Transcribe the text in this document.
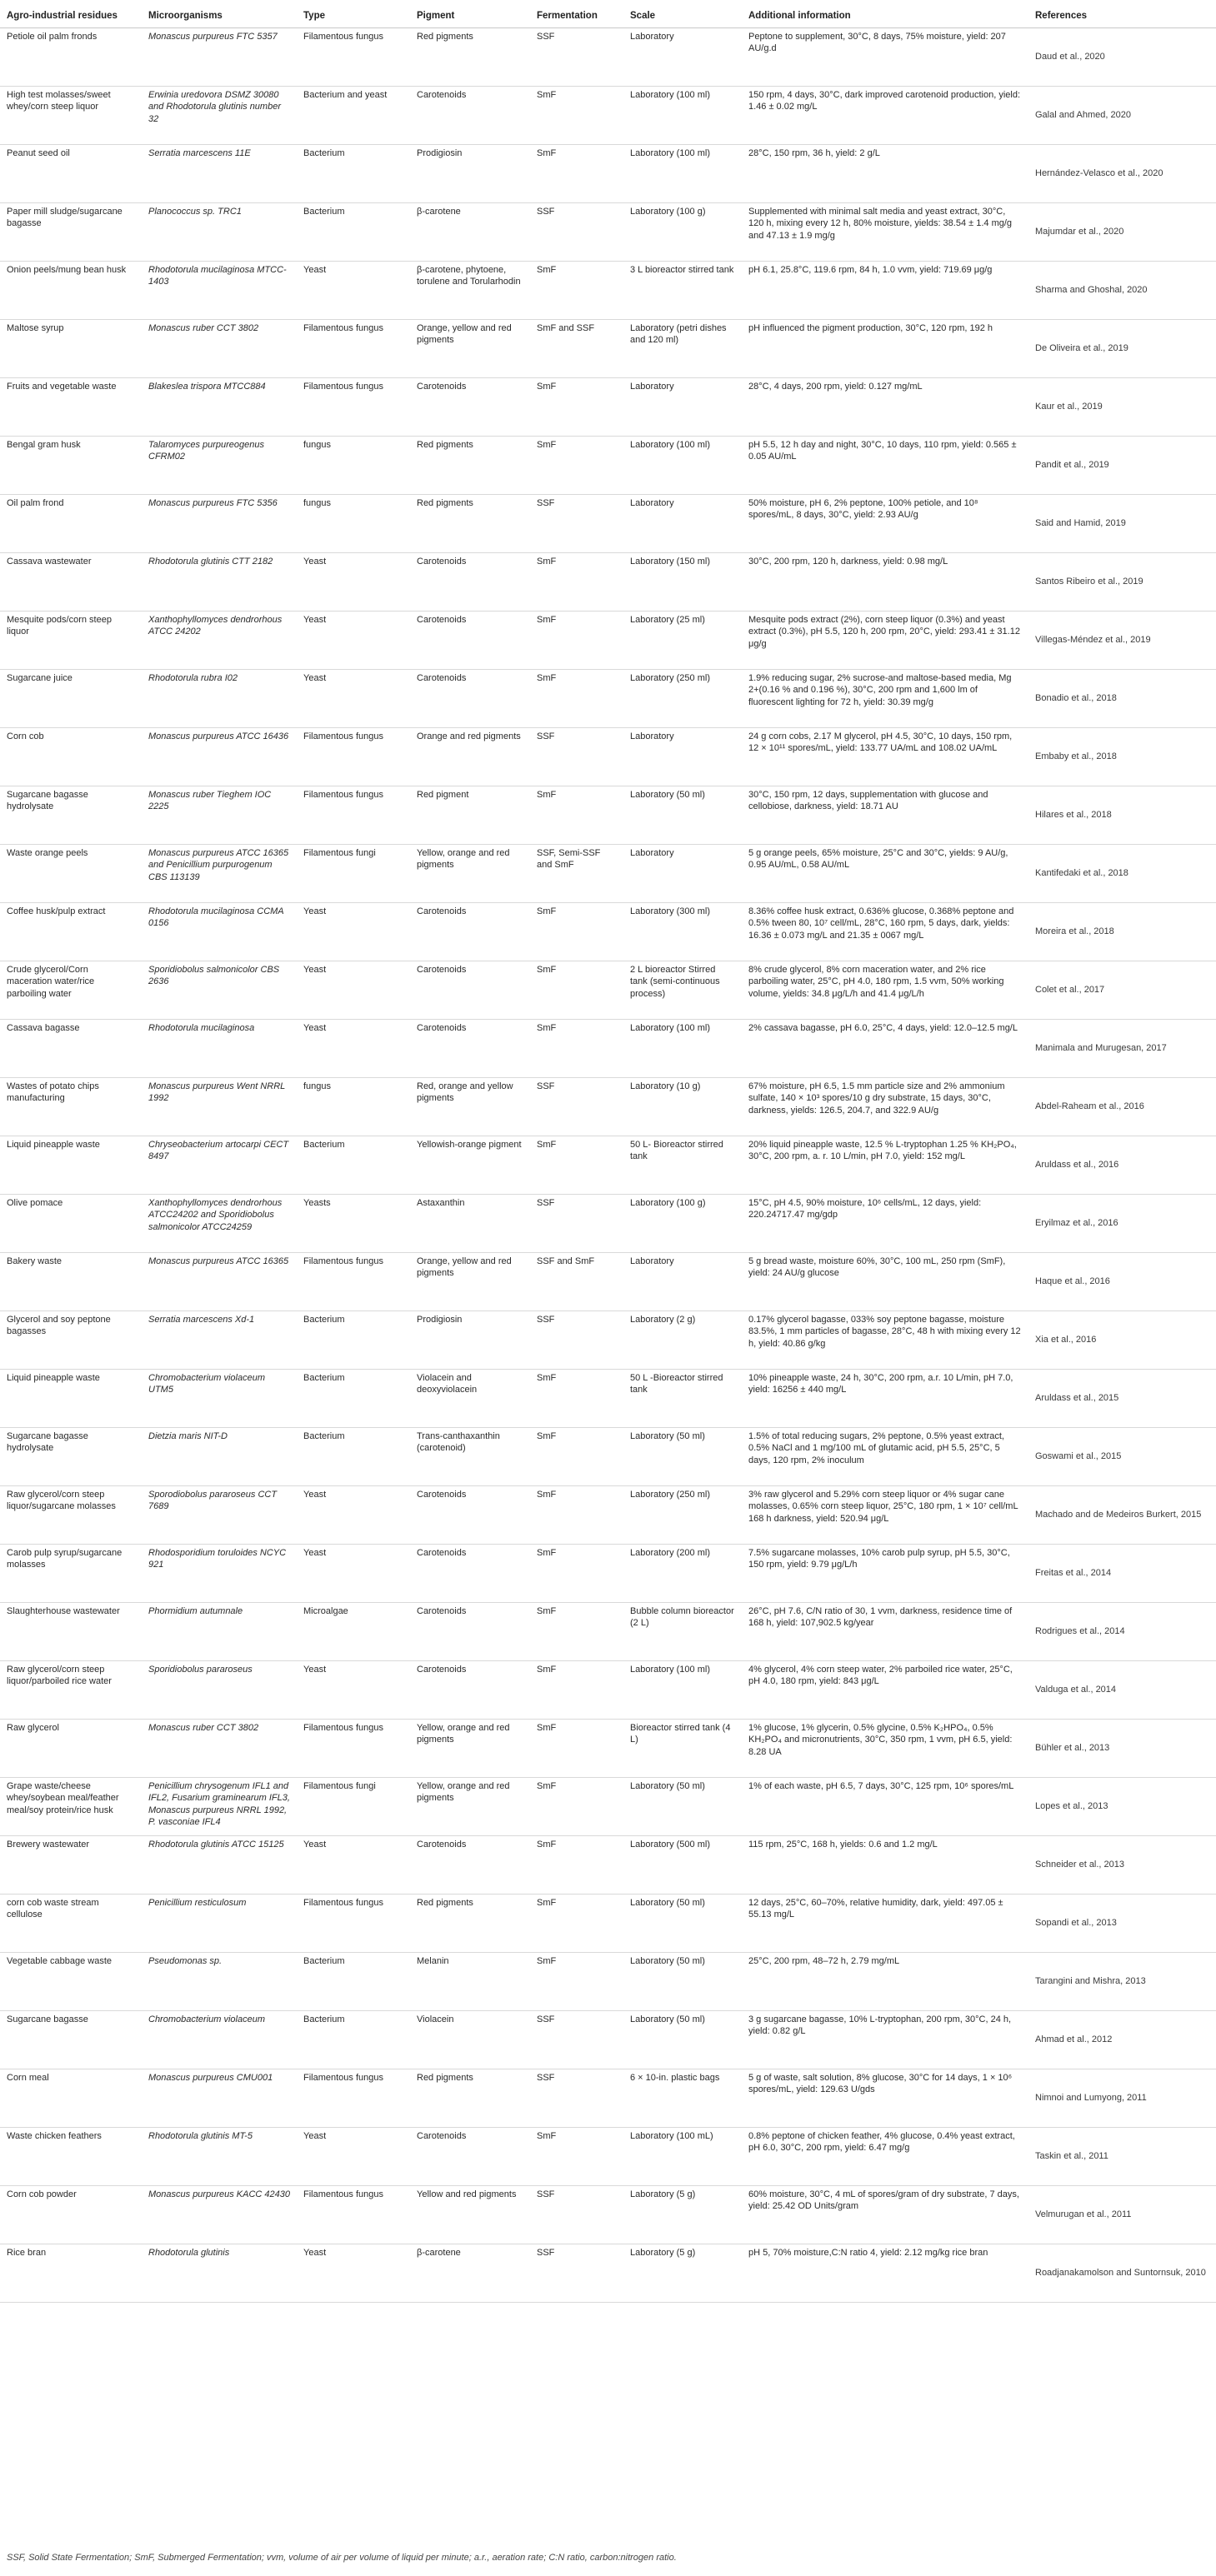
Agro-industrial residues	Microorganisms	Type	Pigment	Fermentation	Scale	Additional information	References
Petiole oil palm fronds	Monascus purpureus FTC 5357	Filamentous fungus	Red pigments	SSF	Laboratory	Peptone to supplement, 30°C, 8 days, 75% moisture, yield: 207 AU/g.d	Daud et al., 2020
High test molasses/sweet whey/corn steep liquor	Erwinia uredovora DSMZ 30080 and Rhodotorula glutinis number 32	Bacterium and yeast	Carotenoids	SmF	Laboratory (100 ml)	150 rpm, 4 days, 30°C, dark improved carotenoid production, yield: 1.46 ± 0.02 mg/L	Galal and Ahmed, 2020
Peanut seed oil	Serratia marcescens 11E	Bacterium	Prodigiosin	SmF	Laboratory (100 ml)	28°C, 150 rpm, 36 h, yield: 2 g/L	Hernández-Velasco et al., 2020
Paper mill sludge/sugarcane bagasse	Planococcus sp. TRC1	Bacterium	β-carotene	SSF	Laboratory (100 g)	Supplemented with minimal salt media and yeast extract, 30°C, 120 h, mixing every 12 h, 80% moisture, yields: 38.54 ± 1.4 mg/g and 47.13 ± 1.9 mg/g	Majumdar et al., 2020
Onion peels/mung bean husk	Rhodotorula mucilaginosa MTCC-1403	Yeast	β-carotene, phytoene, torulene and Torularhodin	SmF	3 L bioreactor stirred tank	pH 6.1, 25.8°C, 119.6 rpm, 84 h, 1.0 vvm, yield: 719.69 μg/g	Sharma and Ghoshal, 2020
Maltose syrup	Monascus ruber CCT 3802	Filamentous fungus	Orange, yellow and red pigments	SmF and SSF	Laboratory (petri dishes and 120 ml)	pH influenced the pigment production, 30°C, 120 rpm, 192 h	De Oliveira et al., 2019
Fruits and vegetable waste	Blakeslea trispora MTCC884	Filamentous fungus	Carotenoids	SmF	Laboratory	28°C, 4 days, 200 rpm, yield: 0.127 mg/mL	Kaur et al., 2019
Bengal gram husk	Talaromyces purpureogenus CFRM02	fungus	Red pigments	SmF	Laboratory (100 ml)	pH 5.5, 12 h day and night, 30°C, 10 days, 110 rpm, yield: 0.565 ± 0.05 AU/mL	Pandit et al., 2019
Oil palm frond	Monascus purpureus FTC 5356	fungus	Red pigments	SSF	Laboratory	50% moisture, pH 6, 2% peptone, 100% petiole, and 10⁸ spores/mL, 8 days, 30°C, yield: 2.93 AU/g	Said and Hamid, 2019
Cassava wastewater	Rhodotorula glutinis CTT 2182	Yeast	Carotenoids	SmF	Laboratory (150 ml)	30°C, 200 rpm, 120 h, darkness, yield: 0.98 mg/L	Santos Ribeiro et al., 2019
Mesquite pods/corn steep liquor	Xanthophyllomyces dendrorhous ATCC 24202	Yeast	Carotenoids	SmF	Laboratory (25 ml)	Mesquite pods extract (2%), corn steep liquor (0.3%) and yeast extract (0.3%), pH 5.5, 120 h, 200 rpm, 20°C, yield: 293.41 ± 31.12 μg/g	Villegas-Méndez et al., 2019
Sugarcane juice	Rhodotorula rubra I02	Yeast	Carotenoids	SmF	Laboratory (250 ml)	1.9% reducing sugar, 2% sucrose-and maltose-based media, Mg 2+(0.16 % and 0.196 %), 30°C, 200 rpm and 1,600 lm of fluorescent lighting for 72 h, yield: 30.39 mg/g	Bonadio et al., 2018
Corn cob	Monascus purpureus ATCC 16436	Filamentous fungus	Orange and red pigments	SSF	Laboratory	24 g corn cobs, 2.17 M glycerol, pH 4.5, 30°C, 10 days, 150 rpm, 12 × 10¹¹ spores/mL, yield: 133.77 UA/mL and 108.02 UA/mL	Embaby et al., 2018
Sugarcane bagasse hydrolysate	Monascus ruber Tieghem IOC 2225	Filamentous fungus	Red pigment	SmF	Laboratory (50 ml)	30°C, 150 rpm, 12 days, supplementation with glucose and cellobiose, darkness, yield: 18.71 AU	Hilares et al., 2018
Waste orange peels	Monascus purpureus ATCC 16365 and Penicillium purpurogenum CBS 113139	Filamentous fungi	Yellow, orange and red pigments	SSF, Semi-SSF and SmF	Laboratory	5 g orange peels, 65% moisture, 25°C and 30°C, yields: 9 AU/g, 0.95 AU/mL, 0.58 AU/mL	Kantifedaki et al., 2018
Coffee husk/pulp extract	Rhodotorula mucilaginosa CCMA 0156	Yeast	Carotenoids	SmF	Laboratory (300 ml)	8.36% coffee husk extract, 0.636% glucose, 0.368% peptone and 0.5% tween 80, 10⁷ cell/mL, 28°C, 160 rpm, 5 days, dark, yields: 16.36 ± 0.073 mg/L and 21.35 ± 0067 mg/L	Moreira et al., 2018
Crude glycerol/Corn maceration water/rice parboiling water	Sporidiobolus salmonicolor CBS 2636	Yeast	Carotenoids	SmF	2 L bioreactor Stirred tank (semi-continuous process)	8% crude glycerol, 8% corn maceration water, and 2% rice parboiling water, 25°C, pH 4.0, 180 rpm, 1.5 vvm, 50% working volume, yields: 34.8 μg/L/h and 41.4 μg/L/h	Colet et al., 2017
Cassava bagasse	Rhodotorula mucilaginosa	Yeast	Carotenoids	SmF	Laboratory (100 ml)	2% cassava bagasse, pH 6.0, 25°C, 4 days, yield: 12.0–12.5 mg/L	Manimala and Murugesan, 2017
Wastes of potato chips manufacturing	Monascus purpureus Went NRRL 1992	fungus	Red, orange and yellow pigments	SSF	Laboratory (10 g)	67% moisture, pH 6.5, 1.5 mm particle size and 2% ammonium sulfate, 140 × 10³ spores/10 g dry substrate, 15 days, 30°C, darkness, yields: 126.5, 204.7, and 322.9 AU/g	Abdel-Raheam et al., 2016
Liquid pineapple waste	Chryseobacterium artocarpi CECT 8497	Bacterium	Yellowish-orange pigment	SmF	50 L- Bioreactor stirred tank	20% liquid pineapple waste, 12.5 % L-tryptophan 1.25 % KH₂PO₄, 30°C, 200 rpm, a. r. 10 L/min, pH 7.0, yield: 152 mg/L	Aruldass et al., 2016
Olive pomace	Xanthophyllomyces dendrorhous ATCC24202 and Sporidiobolus salmonicolor ATCC24259	Yeasts	Astaxanthin	SSF	Laboratory (100 g)	15°C, pH 4.5, 90% moisture, 10⁶ cells/mL, 12 days, yield: 220.24717.47 mg/gdp	Eryilmaz et al., 2016
Bakery waste	Monascus purpureus ATCC 16365	Filamentous fungus	Orange, yellow and red pigments	SSF and SmF	Laboratory	5 g bread waste, moisture 60%, 30°C, 100 mL, 250 rpm (SmF), yield: 24 AU/g glucose	Haque et al., 2016
Glycerol and soy peptone bagasses	Serratia marcescens Xd-1	Bacterium	Prodigiosin	SSF	Laboratory (2 g)	0.17% glycerol bagasse, 033% soy peptone bagasse, moisture 83.5%, 1 mm particles of bagasse, 28°C, 48 h with mixing every 12 h, yield: 40.86 g/kg	Xia et al., 2016
Liquid pineapple waste	Chromobacterium violaceum UTM5	Bacterium	Violacein and deoxyviolacein	SmF	50 L -Bioreactor stirred tank	10% pineapple waste, 24 h, 30°C, 200 rpm, a.r. 10 L/min, pH 7.0, yield: 16256 ± 440 mg/L	Aruldass et al., 2015
Sugarcane bagasse hydrolysate	Dietzia maris NIT-D	Bacterium	Trans-canthaxanthin (carotenoid)	SmF	Laboratory (50 ml)	1.5% of total reducing sugars, 2% peptone, 0.5% yeast extract, 0.5% NaCl and 1 mg/100 mL of glutamic acid, pH 5.5, 25°C, 5 days, 120 rpm, 2% inoculum	Goswami et al., 2015
Raw glycerol/corn steep liquor/sugarcane molasses	Sporodiobolus pararoseus CCT 7689	Yeast	Carotenoids	SmF	Laboratory (250 ml)	3% raw glycerol and 5.29% corn steep liquor or 4% sugar cane molasses, 0.65% corn steep liquor, 25°C, 180 rpm, 1 × 10⁷ cell/mL 168 h darkness, yield: 520.94 μg/L	Machado and de Medeiros Burkert, 2015
Carob pulp syrup/sugarcane molasses	Rhodosporidium toruloides NCYC 921	Yeast	Carotenoids	SmF	Laboratory (200 ml)	7.5% sugarcane molasses, 10% carob pulp syrup, pH 5.5, 30°C, 150 rpm, yield: 9.79 μg/L/h	Freitas et al., 2014
Slaughterhouse wastewater	Phormidium autumnale	Microalgae	Carotenoids	SmF	Bubble column bioreactor (2 L)	26°C, pH 7.6, C/N ratio of 30, 1 vvm, darkness, residence time of 168 h, yield: 107,902.5 kg/year	Rodrigues et al., 2014
Raw glycerol/corn steep liquor/parboiled rice water	Sporidiobolus pararoseus	Yeast	Carotenoids	SmF	Laboratory (100 ml)	4% glycerol, 4% corn steep water, 2% parboiled rice water, 25°C, pH 4.0, 180 rpm, yield: 843 μg/L	Valduga et al., 2014
Raw glycerol	Monascus ruber CCT 3802	Filamentous fungus	Yellow, orange and red pigments	SmF	Bioreactor stirred tank (4 L)	1% glucose, 1% glycerin, 0.5% glycine, 0.5% K₂HPO₄, 0.5% KH₂PO₄ and micronutrients, 30°C, 350 rpm, 1 vvm, pH 6.5, yield: 8.28 UA	Bühler et al., 2013
Grape waste/cheese whey/soybean meal/feather meal/soy protein/rice husk	Penicillium chrysogenum IFL1 and IFL2, Fusarium graminearum IFL3, Monascus purpureus NRRL 1992, P. vasconiae IFL4	Filamentous fungi	Yellow, orange and red pigments	SmF	Laboratory (50 ml)	1% of each waste, pH 6.5, 7 days, 30°C, 125 rpm, 10⁶ spores/mL	Lopes et al., 2013
Brewery wastewater	Rhodotorula glutinis ATCC 15125	Yeast	Carotenoids	SmF	Laboratory (500 ml)	115 rpm, 25°C, 168 h, yields: 0.6 and 1.2 mg/L	Schneider et al., 2013
corn cob waste stream cellulose	Penicillium resticulosum	Filamentous fungus	Red pigments	SmF	Laboratory (50 ml)	12 days, 25°C, 60–70%, relative humidity, dark, yield: 497.05 ± 55.13 mg/L	Sopandi et al., 2013
Vegetable cabbage waste	Pseudomonas sp.	Bacterium	Melanin	SmF	Laboratory (50 ml)	25°C, 200 rpm, 48–72 h, 2.79 mg/mL	Tarangini and Mishra, 2013
Sugarcane bagasse	Chromobacterium violaceum	Bacterium	Violacein	SSF	Laboratory (50 ml)	3 g sugarcane bagasse, 10% L-tryptophan, 200 rpm, 30°C, 24 h, yield: 0.82 g/L	Ahmad et al., 2012
Corn meal	Monascus purpureus CMU001	Filamentous fungus	Red pigments	SSF	6 × 10-in. plastic bags	5 g of waste, salt solution, 8% glucose, 30°C for 14 days, 1 × 10⁶ spores/mL, yield: 129.63 U/gds	Nimnoi and Lumyong, 2011
Waste chicken feathers	Rhodotorula glutinis MT-5	Yeast	Carotenoids	SmF	Laboratory (100 mL)	0.8% peptone of chicken feather, 4% glucose, 0.4% yeast extract, pH 6.0, 30°C, 200 rpm, yield: 6.47 mg/g	Taskin et al., 2011
Corn cob powder	Monascus purpureus KACC 42430	Filamentous fungus	Yellow and red pigments	SSF	Laboratory (5 g)	60% moisture, 30°C, 4 mL of spores/gram of dry substrate, 7 days, yield: 25.42 OD Units/gram	Velmurugan et al., 2011
Rice bran	Rhodotorula glutinis	Yeast	β-carotene	SSF	Laboratory (5 g)	pH 5, 70% moisture,C:N ratio 4, yield: 2.12 mg/kg rice bran	Roadjanakamolson and Suntornsuk, 2010
SSF, Solid State Fermentation; SmF, Submerged Fermentation; vvm, volume of air per volume of liquid per minute; a.r., aeration rate; C:N ratio, carbon:nitrogen ratio.
